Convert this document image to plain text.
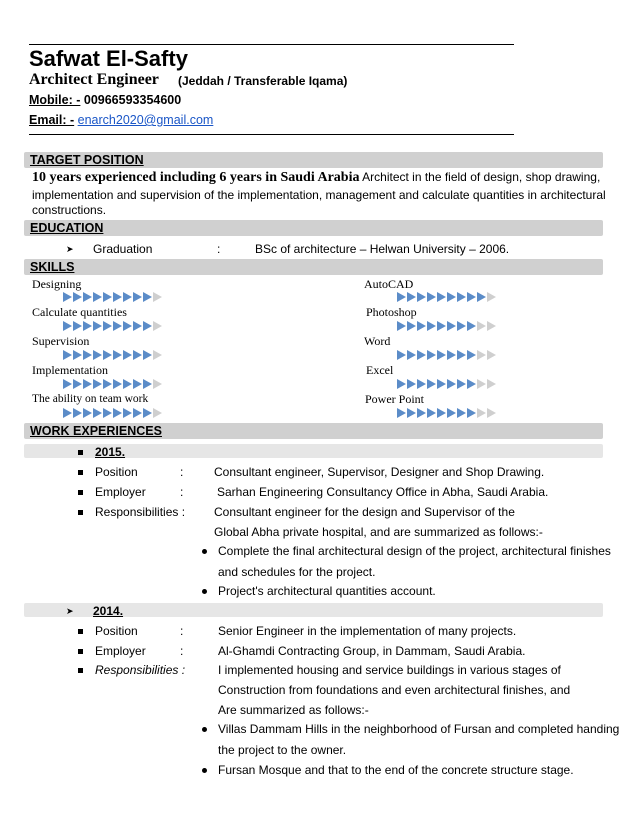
Safwat El-Safty
Architect Engineer (Jeddah / Transferable Iqama)
Mobile: - 00966593354600
Email: - enarch2020@gmail.com
TARGET POSITION
10 years experienced including 6 years in Saudi Arabia Architect in the field of design, shop drawing,
implementation and supervision of the implementation, management and calculate quantities in architectural
constructions.
EDUCATION
➤ Graduation	:	BSc of architecture – Helwan University – 2006.
SKILLS
Designing	AutoCAD
Calculate quantities	Photoshop
Supervision	Word
Implementation	Excel
The ability on team work	Power Point
WORK EXPERIENCES
2015.
Position	:	Consultant engineer, Supervisor, Designer and Shop Drawing.
Employer	:	Sarhan Engineering Consultancy Office in Abha, Saudi Arabia.
Responsibilities : Consultant engineer for the design and Supervisor of the
Global Abha private hospital, and are summarized as follows:-
Complete the final architectural design of the project, architectural finishes
and schedules for the project.
Project's architectural quantities account.
➤ 2014.
Position	:	Senior Engineer in the implementation of many projects.
Employer	:	Al-Ghamdi Contracting Group, in Dammam, Saudi Arabia.
Responsibilities :	I implemented housing and service buildings in various stages of
Construction from foundations and even architectural finishes, and
Are summarized as follows:-
Villas Dammam Hills in the neighborhood of Fursan and completed handing
the project to the owner.
Fursan Mosque and that to the end of the concrete structure stage.
